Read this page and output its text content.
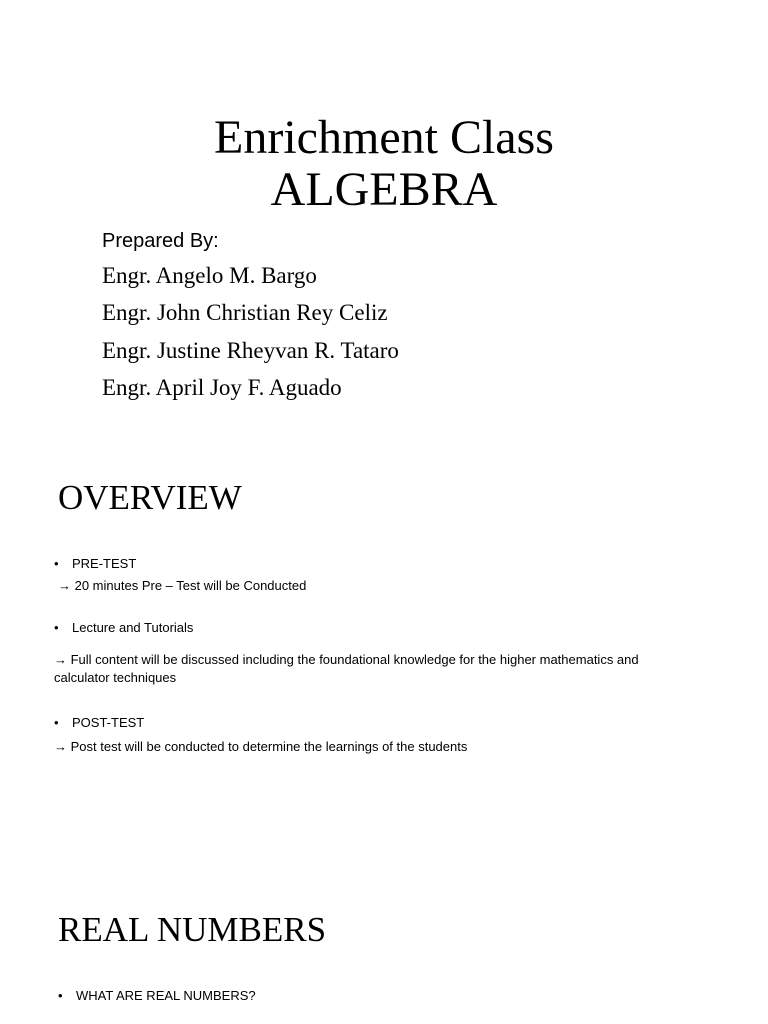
Enrichment Class
ALGEBRA
Prepared By:
Engr. Angelo M. Bargo
Engr. John Christian Rey Celiz
Engr. Justine Rheyvan R. Tataro
Engr. April Joy F. Aguado
OVERVIEW
• PRE-TEST
→ 20 minutes Pre – Test will be Conducted
• Lecture and Tutorials
→ Full content will be discussed including the foundational knowledge for the higher mathematics and calculator techniques
• POST-TEST
→ Post test will be conducted to determine the learnings of the students
REAL NUMBERS
• WHAT ARE REAL NUMBERS?
